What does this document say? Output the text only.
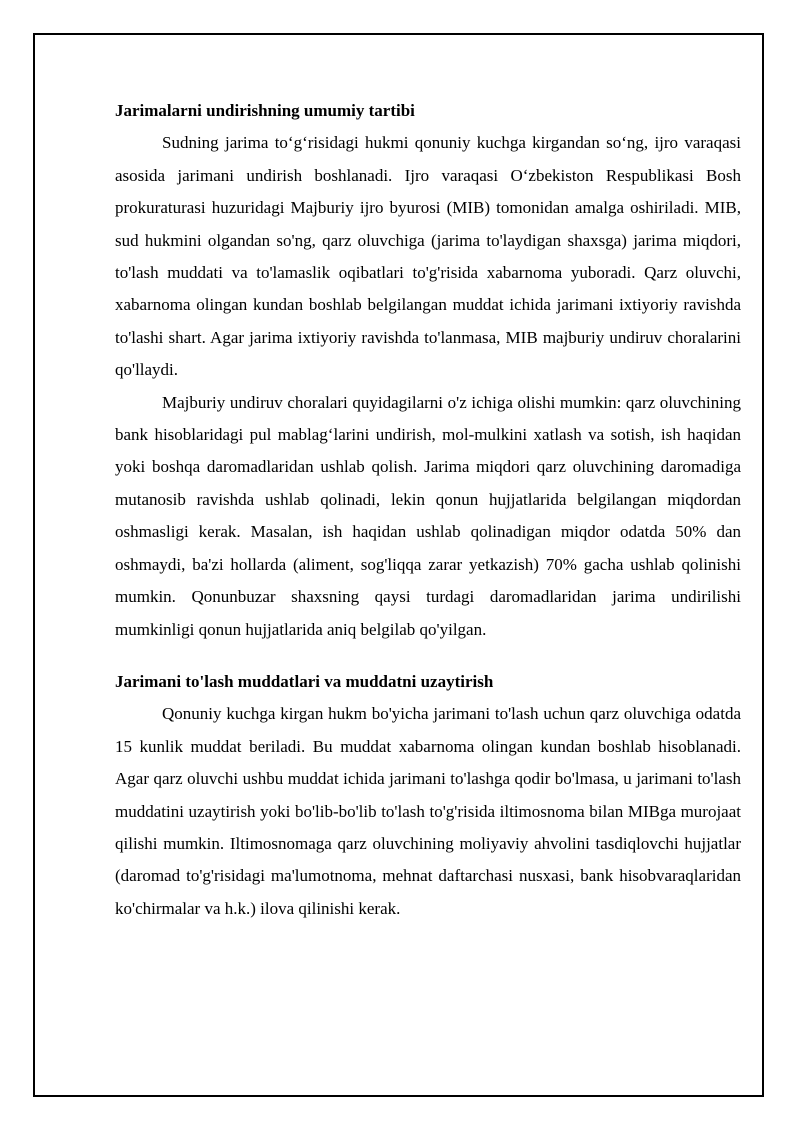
Jarimalarni undirishning umumiy tartibi

Sudning jarima to‘g‘risidagi hukmi qonuniy kuchga kirgandan so‘ng, ijro varaqasi asosida jarimani undirish boshlanadi. Ijro varaqasi O‘zbekiston Respublikasi Bosh prokuraturasi huzuridagi Majburiy ijro byurosi (MIB) tomonidan amalga oshiriladi. MIB, sud hukmini olgandan so'ng, qarz oluvchiga (jarima to'laydigan shaxsga) jarima miqdori, to'lash muddati va to'lamaslik oqibatlari to'g'risida xabarnoma yuboradi. Qarz oluvchi, xabarnoma olingan kundan boshlab belgilangan muddat ichida jarimani ixtiyoriy ravishda to'lashi shart. Agar jarima ixtiyoriy ravishda to'lanmasa, MIB majburiy undiruv choralarini qo'llaydi.

Majburiy undiruv choralari quyidagilarni o'z ichiga olishi mumkin: qarz oluvchining bank hisoblaridagi pul mablag‘larini undirish, mol-mulkini xatlash va sotish, ish haqidan yoki boshqa daromadlaridan ushlab qolish. Jarima miqdori qarz oluvchining daromadiga mutanosib ravishda ushlab qolinadi, lekin qonun hujjatlarida belgilangan miqdordan oshmasligi kerak. Masalan, ish haqidan ushlab qolinadigan miqdor odatda 50% dan oshmaydi, ba'zi hollarda (aliment, sog'liqqa zarar yetkazish) 70% gacha ushlab qolinishi mumkin. Qonunbuzar shaxsning qaysi turdagi daromadlaridan jarima undirilishi mumkinligi qonun hujjatlarida aniq belgilab qo'yilgan.

Jarimani to'lash muddatlari va muddatni uzaytirish

Qonuniy kuchga kirgan hukm bo'yicha jarimani to'lash uchun qarz oluvchiga odatda 15 kunlik muddat beriladi. Bu muddat xabarnoma olingan kundan boshlab hisoblanadi. Agar qarz oluvchi ushbu muddat ichida jarimani to'lashga qodir bo'lmasa, u jarimani to'lash muddatini uzaytirish yoki bo'lib-bo'lib to'lash to'g'risida iltimosnoma bilan MIBga murojaat qilishi mumkin. Iltimosnomaga qarz oluvchining moliyaviy ahvolini tasdiqlovchi hujjatlar (daromad to'g'risidagi ma'lumotnoma, mehnat daftarchasi nusxasi, bank hisobvaraqlaridan ko'chirmalar va h.k.) ilova qilinishi kerak.
